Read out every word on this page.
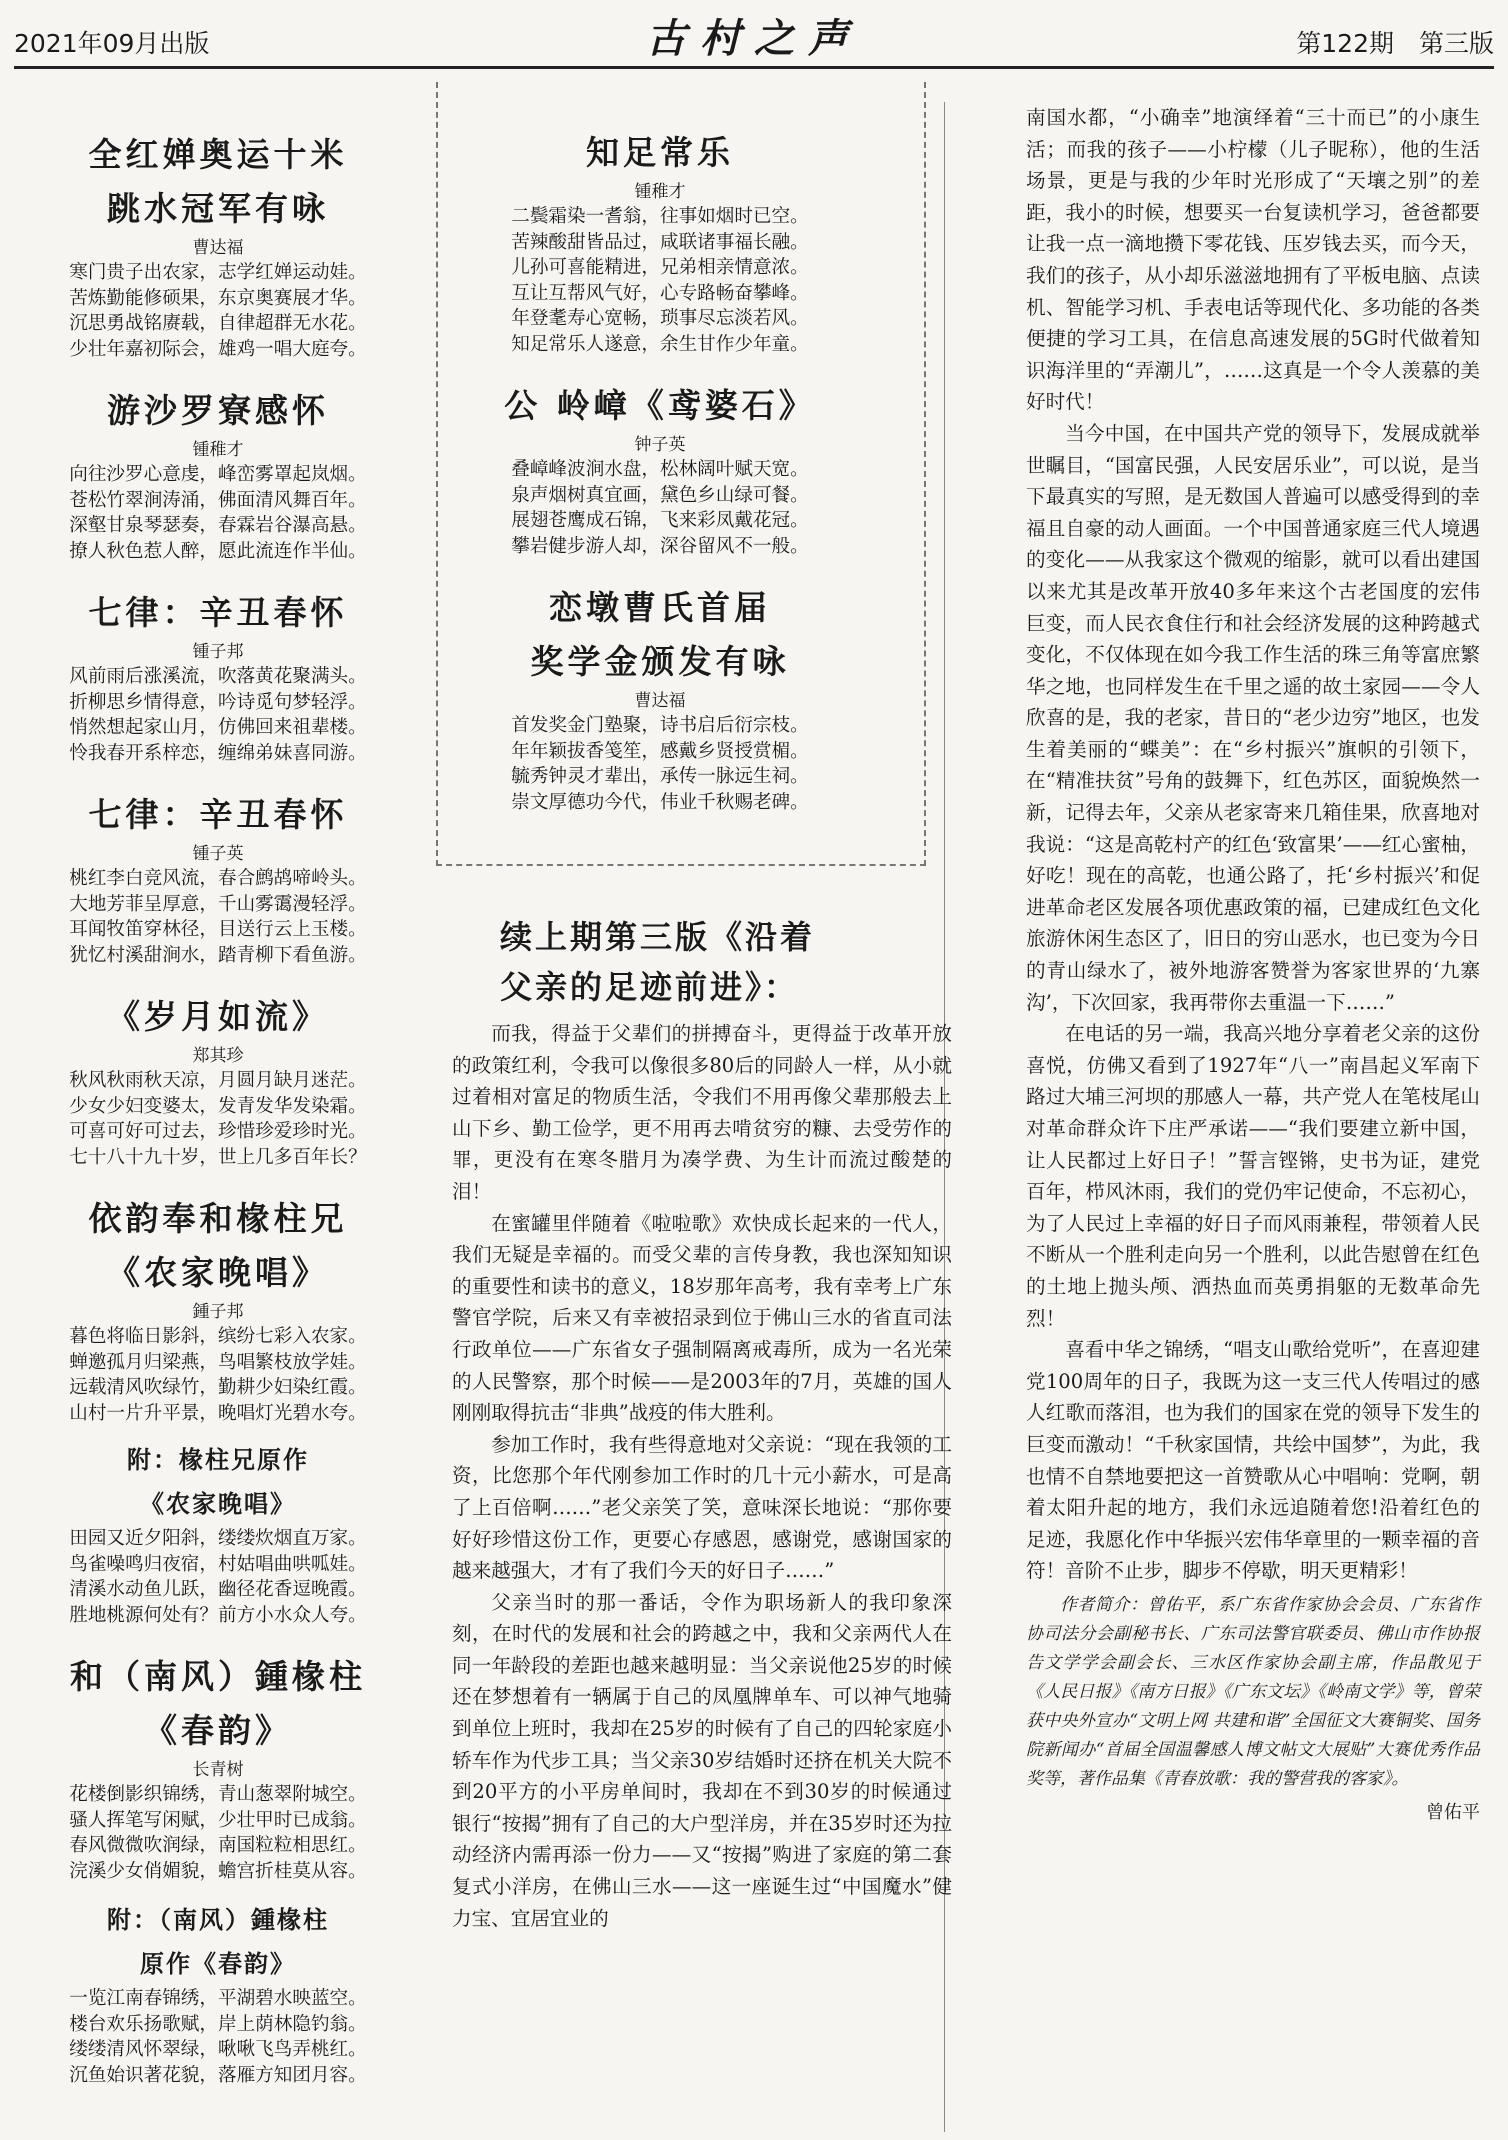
2021年09月出版	古村之声	第122期　第三版
全红婵奥运十米
跳水冠军有咏
曹达福
寒门贵子出农家，志学红婵运动娃。
苦炼勤能修硕果，东京奥赛展才华。
沉思勇战铭赓载，自律超群无水花。
少壮年嘉初际会，雄鸡一唱大庭夸。
游沙罗寮感怀
锺稚才
向往沙罗心意虔，峰峦雾罩起岚烟。
苍松竹翠涧涛涌，佛面清风舞百年。
深壑甘泉琴瑟奏，春霖岩谷瀑高悬。
撩人秋色惹人醉，愿此流连作半仙。
七律：辛丑春怀
锺子邦
风前雨后涨溪流，吹落黄花聚满头。
折柳思乡情得意，吟诗觅句梦轻浮。
悄然想起家山月，仿佛回来祖辈楼。
怜我春开系梓恋，缠绵弟妹喜同游。
七律：辛丑春怀
锺子英
桃红李白竞风流，春合鹧鸪啼岭头。
大地芳菲呈厚意，千山雾霭漫轻浮。
耳闻牧笛穿林径，目送行云上玉楼。
犹忆村溪甜涧水，踏青柳下看鱼游。
《岁月如流》
郑其珍
秋风秋雨秋天凉，月圆月缺月迷茫。
少女少妇变婆太，发青发华发染霜。
可喜可好可过去，珍惜珍爱珍时光。
七十八十九十岁，世上几多百年长？
依韵奉和椽柱兄
《农家晚唱》
鍾子邦
暮色将临日影斜，缤纷七彩入农家。
蝉邀孤月归梁燕，鸟唱繁枝放学娃。
远载清风吹绿竹，勤耕少妇染红霞。
山村一片升平景，晚唱灯光碧水夸。
附：椽柱兄原作
《农家晚唱》
田园又近夕阳斜，缕缕炊烟直万家。
鸟雀噪鸣归夜宿，村姑唱曲哄呱娃。
清溪水动鱼儿跃，幽径花香逗晚霞。
胜地桃源何处有？前方小水众人夸。
和（南风）鍾椽柱
《春韵》
长青树
花楼倒影织锦绣，青山葱翠附城空。
骚人挥笔写闲赋，少壮甲时已成翁。
春风微微吹润绿，南国粒粒相思红。
浣溪少女俏媚貌，蟾宫折桂莫从容。
附：（南风）鍾椽柱
原作《春韵》
一览江南春锦绣，平湖碧水映蓝空。
楼台欢乐扬歌赋，岸上荫林隐钓翁。
缕缕清风怀翠绿，啾啾飞鸟弄桃红。
沉鱼始识著花貌，落雁方知团月容。
知足常乐
锺稚才
二鬓霜染一耆翁，往事如烟时已空。
苦辣酸甜皆品过，咸联诸事福长融。
儿孙可喜能精进，兄弟相亲情意浓。
互让互帮风气好，心专路畅奋攀峰。
年登耄寿心宽畅，琐事尽忘淡若风。
知足常乐人遂意，余生甘作少年童。
公 岭嶂《鸢婆石》
钟子英
叠嶂峰波涧水盘，松林阔叶赋天宽。
泉声烟树真宜画，黛色乡山绿可餐。
展翅苍鹰成石锦，飞来彩凤戴花冠。
攀岩健步游人却，深谷留风不一般。
恋墩曹氏首届
奖学金颁发有咏
曹达福
首发奖金门塾聚，诗书启后衍宗枝。
年年颖拔香笺笙，感戴乡贤授赏楣。
毓秀钟灵才辈出，承传一脉远生祠。
崇文厚德功今代，伟业千秋赐老碑。
续上期第三版《沿着
父亲的足迹前进》：

而我，得益于父辈们的拼搏奋斗，更得益于改革开放的政策红利，令我可以像很多80后的同龄人一样，从小就过着相对富足的物质生活，令我们不用再像父辈那般去上山下乡、勤工俭学，更不用再去啃贫穷的糠、去受劳作的罪，更没有在寒冬腊月为凑学费、为生计而流过酸楚的泪！

在蜜罐里伴随着《啦啦歌》欢快成长起来的一代人，我们无疑是幸福的。而受父辈的言传身教，我也深知知识的重要性和读书的意义，18岁那年高考，我有幸考上广东警官学院，后来又有幸被招录到位于佛山三水的省直司法行政单位——广东省女子强制隔离戒毒所，成为一名光荣的人民警察，那个时候——是2003年的7月，英雄的国人刚刚取得抗击“非典”战疫的伟大胜利。

参加工作时，我有些得意地对父亲说：“现在我领的工资，比您那个年代刚参加工作时的几十元小薪水，可是高了上百倍啊……”老父亲笑了笑，意味深长地说：“那你要好好珍惜这份工作，更要心存感恩，感谢党，感谢国家的越来越强大，才有了我们今天的好日子……”

父亲当时的那一番话，令作为职场新人的我印象深刻，在时代的发展和社会的跨越之中，我和父亲两代人在同一年龄段的差距也越来越明显：当父亲说他25岁的时候还在梦想着有一辆属于自己的凤凰牌单车、可以神气地骑到单位上班时，我却在25岁的时候有了自己的四轮家庭小轿车作为代步工具；当父亲30岁结婚时还挤在机关大院不到20平方的小平房单间时，我却在不到30岁的时候通过银行“按揭”拥有了自己的大户型洋房，并在35岁时还为拉动经济内需再添一份力——又“按揭”购进了家庭的第二套复式小洋房，在佛山三水——这一座诞生过“中国魔水”健力宝、宜居宜业的

南国水都，“小确幸”地演绎着“三十而已”的小康生活；而我的孩子——小柠檬（儿子昵称），他的生活场景，更是与我的少年时光形成了“天壤之别”的差距，我小的时候，想要买一台复读机学习，爸爸都要让我一点一滴地攒下零花钱、压岁钱去买，而今天，我们的孩子，从小却乐滋滋地拥有了平板电脑、点读机、智能学习机、手表电话等现代化、多功能的各类便捷的学习工具，在信息高速发展的5G时代做着知识海洋里的“弄潮儿”，……这真是一个令人羡慕的美好时代！

当今中国，在中国共产党的领导下，发展成就举世瞩目，“国富民强，人民安居乐业”，可以说，是当下最真实的写照，是无数国人普遍可以感受得到的幸福且自豪的动人画面。一个中国普通家庭三代人境遇的变化——从我家这个微观的缩影，就可以看出建国以来尤其是改革开放40多年来这个古老国度的宏伟巨变，而人民衣食住行和社会经济发展的这种跨越式变化，不仅体现在如今我工作生活的珠三角等富庶繁华之地，也同样发生在千里之遥的故土家园——令人欣喜的是，我的老家，昔日的“老少边穷”地区，也发生着美丽的“蝶美”：在“乡村振兴”旗帜的引领下，在“精准扶贫”号角的鼓舞下，红色苏区，面貌焕然一新，记得去年，父亲从老家寄来几箱佳果，欣喜地对我说：“这是高乾村产的红色‘致富果’——红心蜜柚，好吃！现在的高乾，也通公路了，托‘乡村振兴’和促进革命老区发展各项优惠政策的福，已建成红色文化旅游休闲生态区了，旧日的穷山恶水，也已变为今日的青山绿水了，被外地游客赞誉为客家世界的‘九寨沟’，下次回家，我再带你去重温一下……”

在电话的另一端，我高兴地分享着老父亲的这份喜悦，仿佛又看到了1927年“八一”南昌起义军南下路过大埔三河坝的那感人一幕，共产党人在笔枝尾山对革命群众许下庄严承诺——“我们要建立新中国，让人民都过上好日子！”誓言铿锵，史书为证，建党百年，栉风沐雨，我们的党仍牢记使命，不忘初心，为了人民过上幸福的好日子而风雨兼程，带领着人民不断从一个胜利走向另一个胜利，以此告慰曾在红色的土地上抛头颅、洒热血而英勇捐躯的无数革命先烈！

喜看中华之锦绣，“唱支山歌给党听”，在喜迎建党100周年的日子，我既为这一支三代人传唱过的感人红歌而落泪，也为我们的国家在党的领导下发生的巨变而激动！“千秋家国情，共绘中国梦”，为此，我也情不自禁地要把这一首赞歌从心中唱响：党啊，朝着太阳升起的地方，我们永远追随着您!沿着红色的足迹，我愿化作中华振兴宏伟华章里的一颗幸福的音符！音阶不止步，脚步不停歇，明天更精彩！

作者简介：曾佑平，系广东省作家协会会员、广东省作协司法分会副秘书长、广东司法警官联委员、佛山市作协报告文学学会副会长、三水区作家协会副主席，作品散见于《人民日报》《南方日报》《广东文坛》《岭南文学》等，曾荣获中央外宣办“文明上网 共建和谐”全国征文大赛铜奖、国务院新闻办“首届全国温馨感人博文帖文大展贴”大赛优秀作品奖等，著作品集《青春放歌：我的警营我的客家》。

曾佑平
